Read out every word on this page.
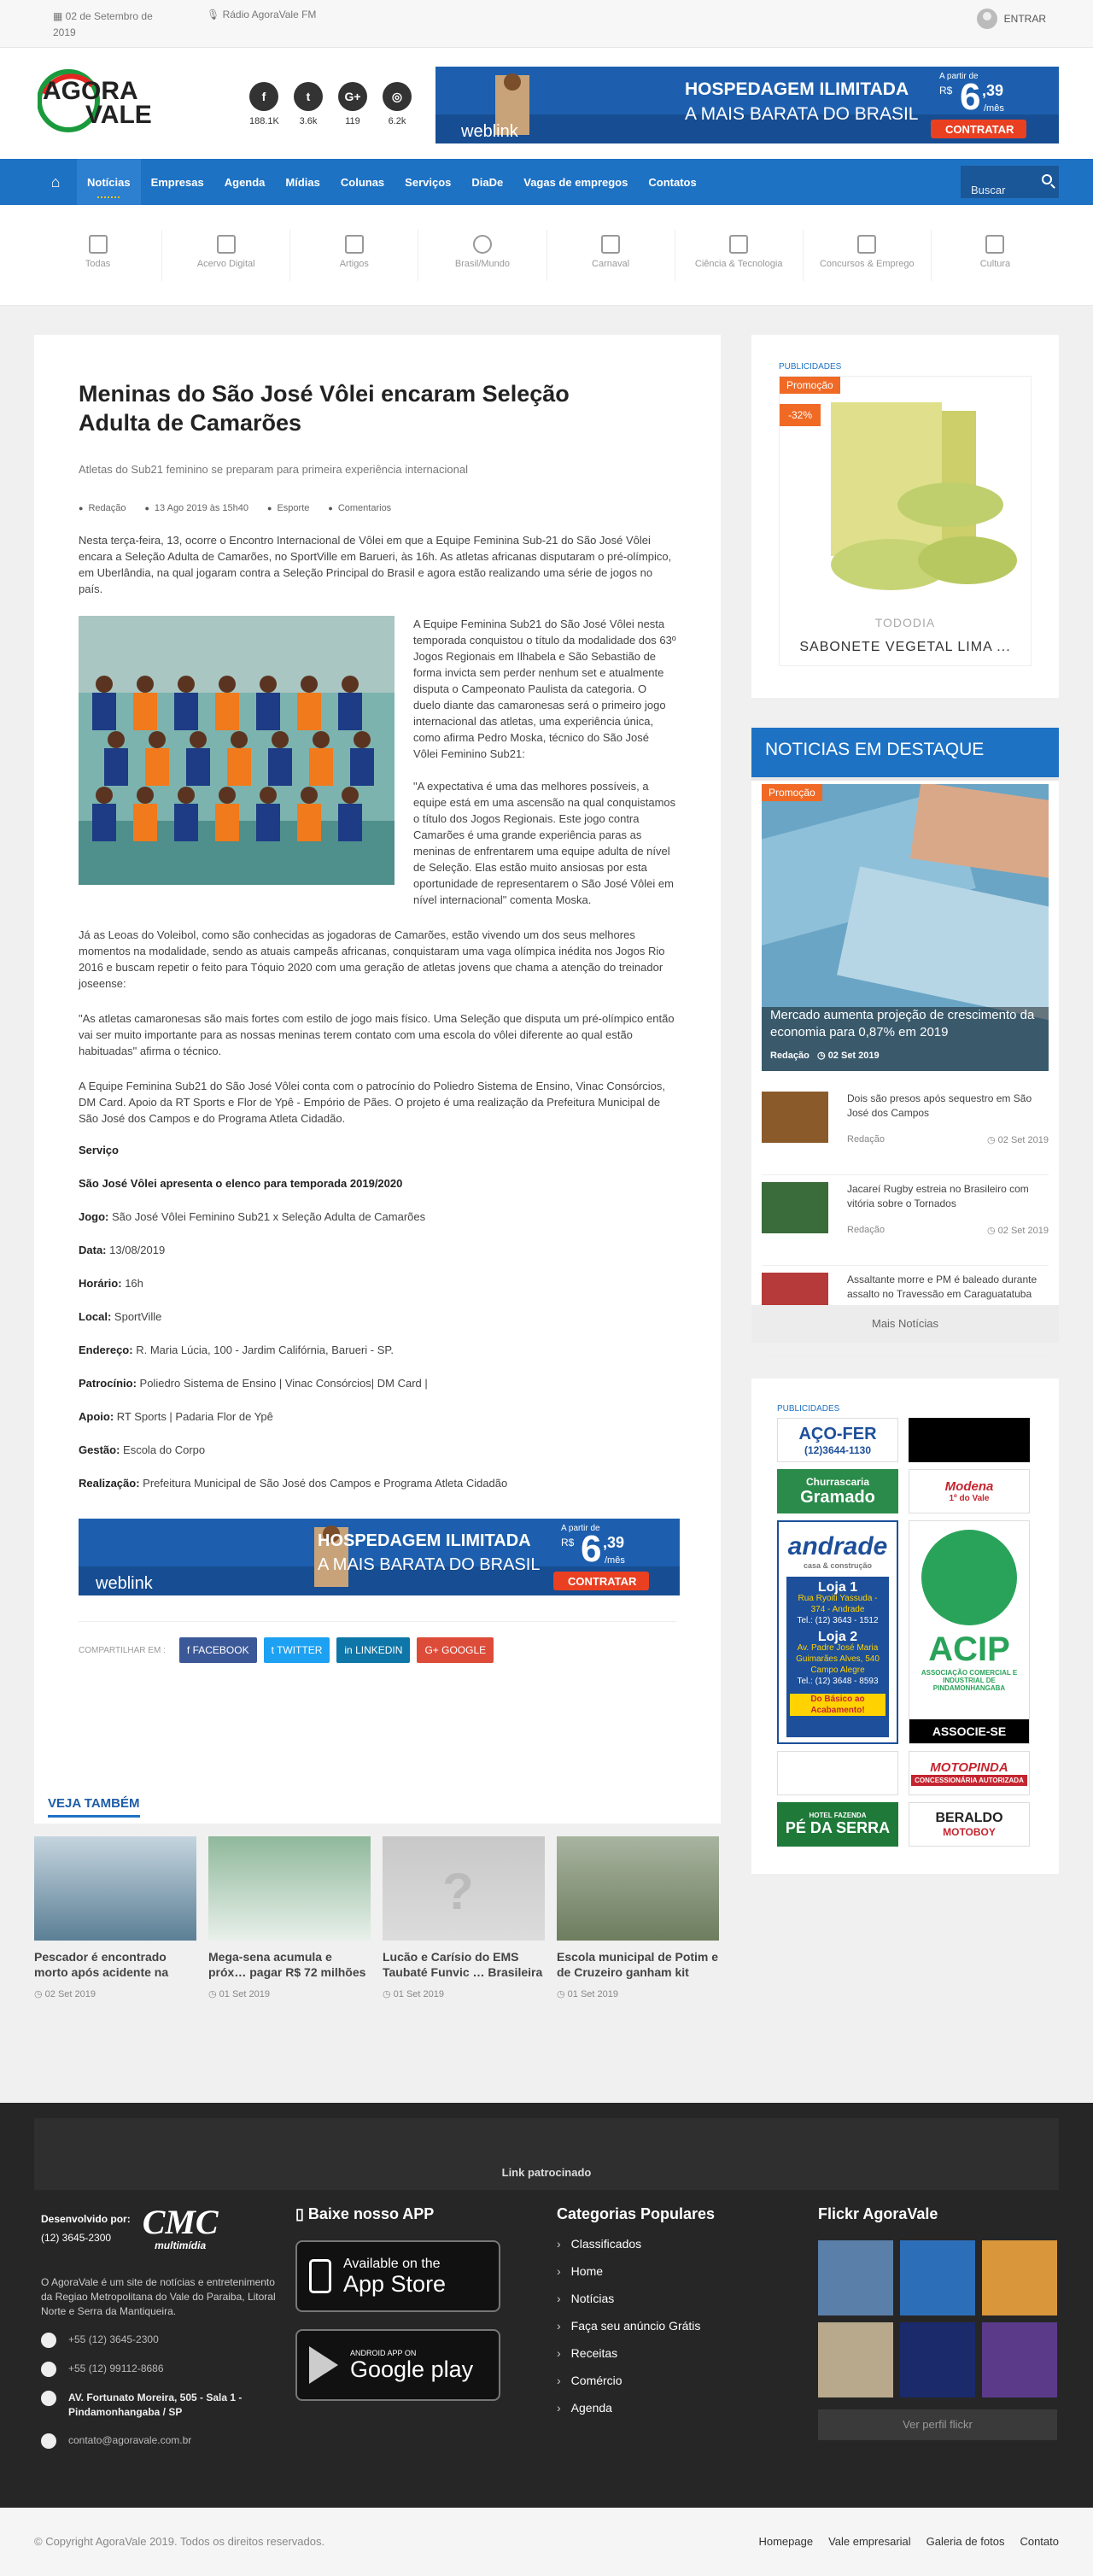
▦ 02 de Setembro de 2019
🎙 Rádio AgoraVale FM	ENTRAR
AGORA
VALE
f
188.1K
t
3.6k
G+
119
◎
6.2k
HOSPEDAGEM ILIMITADA
A MAIS BARATA DO BRASIL
A partir de
R$ 6 ,39
/mês
CONTRATAR
weblink
⌂	Notícias	Empresas	Agenda	Mídias	Colunas	Serviços	DiaDe	Vagas de empregos	Contatos
Buscar
Todas	Acervo Digital	Artigos	Brasil/Mundo	Carnaval	Ciência & Tecnologia	Concursos & Emprego	Cultura
Meninas do São José Vôlei encaram Seleção Adulta de Camarões
Atletas do Sub21 feminino se preparam para primeira experiência internacional
● Redação	● 13 Ago 2019 às 15h40	● Esporte	● Comentarios

Nesta terça-feira, 13, ocorre o Encontro Internacional de Vôlei em que a Equipe Feminina Sub-21 do São José Vôlei encara a Seleção Adulta de Camarões, no SportVille em Barueri, às 16h. As atletas africanas disputaram o pré-olímpico, em Uberlândia, na qual jogaram contra a Seleção Principal do Brasil e agora estão realizando uma série de jogos no país.

A Equipe Feminina Sub21 do São José Vôlei nesta temporada conquistou o título da modalidade dos 63º Jogos Regionais em Ilhabela e São Sebastião de forma invicta sem perder nenhum set e atualmente disputa o Campeonato Paulista da categoria. O duelo diante das camaronesas será o primeiro jogo internacional das atletas, uma experiência única, como afirma Pedro Moska, técnico do São José Vôlei Feminino Sub21:

"A expectativa é uma das melhores possíveis, a equipe está em uma ascensão na qual conquistamos o título dos Jogos Regionais. Este jogo contra Camarões é uma grande experiência paras as meninas de enfrentarem uma equipe adulta de nível de Seleção. Elas estão muito ansiosas por esta oportunidade de representarem o São José Vôlei em nível internacional" comenta Moska.

Já as Leoas do Voleibol, como são conhecidas as jogadoras de Camarões, estão vivendo um dos seus melhores momentos na modalidade, sendo as atuais campeãs africanas, conquistaram uma vaga olímpica inédita nos Jogos Rio 2016 e buscam repetir o feito para Tóquio 2020 com uma geração de atletas jovens que chama a atenção do treinador joseense:

"As atletas camaronesas são mais fortes com estilo de jogo mais físico. Uma Seleção que disputa um pré-olímpico então vai ser muito importante para as nossas meninas terem contato com uma escola do vôlei diferente ao qual estão habituadas" afirma o técnico.

A Equipe Feminina Sub21 do São José Vôlei conta com o patrocínio do Poliedro Sistema de Ensino, Vinac Consórcios, DM Card. Apoio da RT Sports e Flor de Ypê - Empório de Pães. O projeto é uma realização da Prefeitura Municipal de São José dos Campos e do Programa Atleta Cidadão.

Serviço

São José Vôlei apresenta o elenco para temporada 2019/2020

Jogo: São José Vôlei Feminino Sub21 x Seleção Adulta de Camarões

Data: 13/08/2019

Horário: 16h

Local: SportVille

Endereço: R. Maria Lúcia, 100 - Jardim Califórnia, Barueri - SP.

Patrocínio: Poliedro Sistema de Ensino | Vinac Consórcios| DM Card |

Apoio: RT Sports | Padaria Flor de Ypê

Gestão: Escola do Corpo

Realização: Prefeitura Municipal de São José dos Campos e Programa Atleta Cidadão

HOSPEDAGEM ILIMITADA
A MAIS BARATA DO BRASIL
A partir de
R$ 6 ,39
/mês
CONTRATAR
weblink
COMPARTILHAR EM :	f FACEBOOK	t TWITTER	in LINKEDIN	G+ GOOGLE
VEJA TAMBÉM
Pescador é encontrado morto após acidente na
◷ 02 Set 2019
Mega-sena acumula e próx… pagar R$ 72 milhões
◷ 01 Set 2019
?
Lucão e Carísio do EMS Taubaté Funvic … Brasileira
◷ 01 Set 2019
Escola municipal de Potim e de Cruzeiro ganham kit
◷ 01 Set 2019
PUBLICIDADES
Promoção
-32%
TODODIA
SABONETE VEGETAL LIMA ...
NOTICIAS EM DESTAQUE
Promoção
Mercado aumenta projeção de crescimento da economia para 0,87% em 2019
Redação   ◷ 02 Set 2019
Dois são presos após sequestro em São José dos Campos
Redação	◷ 02 Set 2019
Jacareí Rugby estreia no Brasileiro com vitória sobre o Tornados
Redação	◷ 02 Set 2019
Assaltante morre e PM é baleado durante assalto no Travessão em Caraguatatuba
Mais Notícias
PUBLICIDADES
AÇO-FER
(12)3644-1130
Churrascaria
Gramado
Modena
1º do Vale
andrade
casa & construção
Loja 1
Rua Ryoiti Yassuda - 374 - Andrade
Tel.: (12) 3643 - 1512
Loja 2
Av. Padre José Maria Guimarães Alves, 540 Campo Alegre
Tel.: (12) 3648 - 8593
Do Básico ao Acabamento!
ACIP
ASSOCIAÇÃO COMERCIAL E INDUSTRIAL DE PINDAMONHANGABA
ASSOCIE-SE
MOTOPINDA
CONCESSIONÁRIA AUTORIZADA
HOTEL FAZENDA
PÉ DA SERRA
BERALDO
MOTOBOY
Link patrocinado
Desenvolvido por:
(12) 3645-2300 CMC
multimídia

O AgoraVale é um site de notícias e entretenimento da Regiao Metropolitana do Vale do Paraiba, Litoral Norte e Serra da Mantiqueira.

+55 (12) 3645-2300
+55 (12) 99112-8686
AV. Fortunato Moreira, 505 - Sala 1 - Pindamonhangaba / SP
contato@agoravale.com.br
▯ Baixe nosso APP
Available on the
App Store
ANDROID APP ON
Google play
Categorias Populares
› Classificados
› Home
› Notícias
› Faça seu anúncio Grátis
› Receitas
› Comércio
› Agenda
Flickr AgoraVale
Ver perfil flickr
© Copyright AgoraVale 2019. Todos os direitos reservados.	Homepage Vale empresarial Galeria de fotos Contato
